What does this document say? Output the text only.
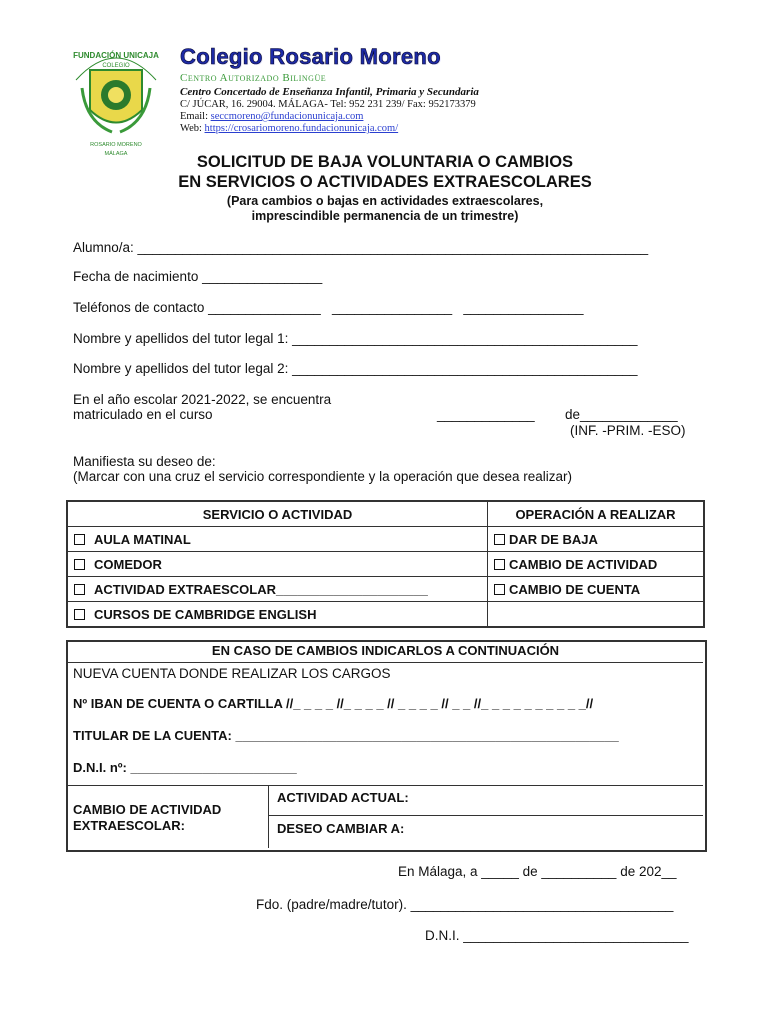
FUNDACIÓN UNICAJA
COLEGIO
ROSARIO MORENO
MÁLAGA
Colegio Rosario Moreno
Centro Autorizado Bilingüe
Centro Concertado de Enseñanza Infantil, Primaria y Secundaria
C/ JÚCAR, 16. 29004. MÁLAGA- Tel: 952 231 239/ Fax: 952173379
Email: seccmoreno@fundacionunicaja.com
Web: https://crosariomoreno.fundacionunicaja.com/
SOLICITUD DE BAJA VOLUNTARIA O CAMBIOS
EN SERVICIOS O ACTIVIDADES EXTRAESCOLARES
(Para cambios o bajas en actividades extraescolares,
imprescindible permanencia de un trimestre)
Alumno/a: ____________________________________________________________________
Fecha de nacimiento ________________
Teléfonos de contacto _______________   ________________   ________________
Nombre y apellidos del tutor legal 1: ______________________________________________
Nombre y apellidos del tutor legal 2: ______________________________________________
En el año escolar 2021-2022, se encuentra
matriculado en el curso	_____________ de_____________
(INF. -PRIM. -ESO)
Manifiesta su deseo de:
(Marcar con una cruz el servicio correspondiente y la operación que desea realizar)
SERVICIO O ACTIVIDAD	OPERACIÓN A REALIZAR
AULA MATINAL	DAR DE BAJA
COMEDOR	CAMBIO DE ACTIVIDAD
ACTIVIDAD EXTRAESCOLAR_____________________	CAMBIO DE CUENTA
CURSOS DE CAMBRIDGE ENGLISH	
EN CASO DE CAMBIOS INDICARLOS A CONTINUACIÓN
NUEVA CUENTA DONDE REALIZAR LOS CARGOS
Nº IBAN DE CUENTA O CARTILLA //_ _ _ _ //_ _ _ _ // _ _ _ _ // _ _ //_ _ _ _ _ _ _ _ _ _//
TITULAR DE LA CUENTA: _____________________________________________________
D.N.I. nº: _______________________
CAMBIO DE ACTIVIDAD
EXTRAESCOLAR:
ACTIVIDAD ACTUAL:
DESEO CAMBIAR A:
En Málaga, a _____ de __________ de 202__
Fdo. (padre/madre/tutor). ___________________________________
D.N.I. ______________________________
